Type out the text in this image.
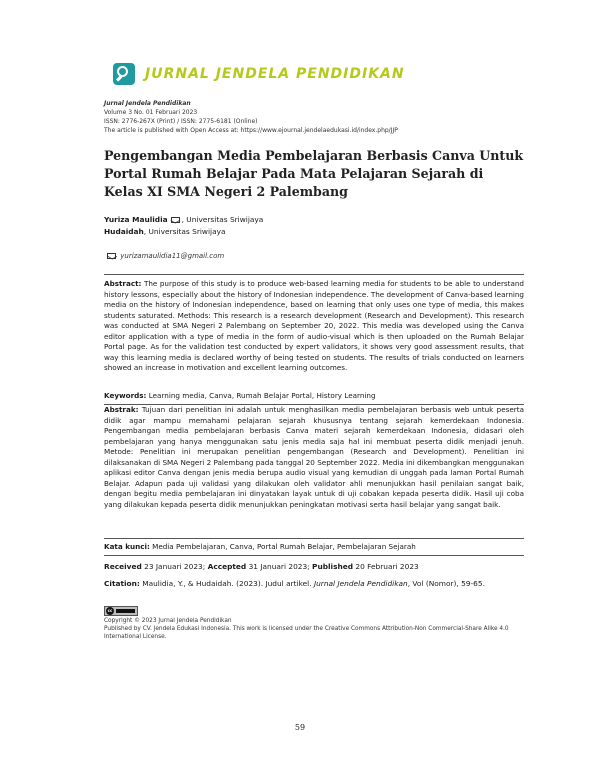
JURNAL JENDELA PENDIDIKAN
Jurnal Jendela Pendidikan
Volume 3 No. 01 Februari 2023
ISSN: 2776-267X (Print) / ISSN: 2775-6181 (Online)
The article is published with Open Access at: https://www.ejournal.jendelaedukasi.id/index.php/JJP
Pengembangan Media Pembelajaran Berbasis Canva Untuk Portal Rumah Belajar Pada Mata Pelajaran Sejarah di Kelas XI SMA Negeri 2 Palembang
Yuriza Maulidia , Universitas Sriwijaya
Hudaidah, Universitas Sriwijaya
yurizamaulidia11@gmail.com
Abstract: The purpose of this study is to produce web-based learning media for students to be able to understand history lessons, especially about the history of Indonesian independence. The development of Canva-based learning media on the history of Indonesian independence, based on learning that only uses one type of media, this makes students saturated. Methods: This research is a research development (Research and Development). This research was conducted at SMA Negeri 2 Palembang on September 20, 2022. This media was developed using the Canva editor application with a type of media in the form of audio-visual which is then uploaded on the Rumah Belajar Portal page. As for the validation test conducted by expert validators, it shows very good assessment results, that way this learning media is declared worthy of being tested on students. The results of trials conducted on learners showed an increase in motivation and excellent learning outcomes.
Keywords: Learning media, Canva, Rumah Belajar Portal, History Learning
Abstrak: Tujuan dari penelitian ini adalah untuk menghasilkan media pembelajaran berbasis web untuk peserta didik agar mampu memahami pelajaran sejarah khususnya tentang sejarah kemerdekaan Indonesia. Pengembangan media pembelajaran berbasis Canva materi sejarah kemerdekaan Indonesia, didasari oleh pembelajaran yang hanya menggunakan satu jenis media saja hal ini membuat peserta didik menjadi jenuh. Metode: Penelitian ini merupakan penelitian pengembangan (Research and Development). Penelitian ini dilaksanakan di SMA Negeri 2 Palembang pada tanggal 20 September 2022. Media ini dikembangkan menggunakan aplikasi editor Canva dengan jenis media berupa audio visual yang kemudian di unggah pada laman Portal Rumah Belajar. Adapun pada uji validasi yang dilakukan oleh validator ahli menunjukkan hasil penilaian sangat baik, dengan begitu media pembelajaran ini dinyatakan layak untuk di uji cobakan kepada peserta didik. Hasil uji coba yang dilakukan kepada peserta didik menunjukkan peningkatan motivasi serta hasil belajar yang sangat baik.
Kata kunci: Media Pembelajaran, Canva, Portal Rumah Belajar, Pembelajaran Sejarah
Received 23 Januari 2023; Accepted 31 Januari 2023; Published 20 Februari 2023
Citation: Maulidia, Y., & Hudaidah. (2023). Judul artikel. Jurnal Jendela Pendidikan, Vol (Nomor), 59-65.
cc
Copyright © 2023 Jurnal Jendela Pendidikan
Published by CV. Jendela Edukasi Indonesia. This work is licensed under the Creative Commons Attribution-Non Commercial-Share Alike 4.0 International License.
59
